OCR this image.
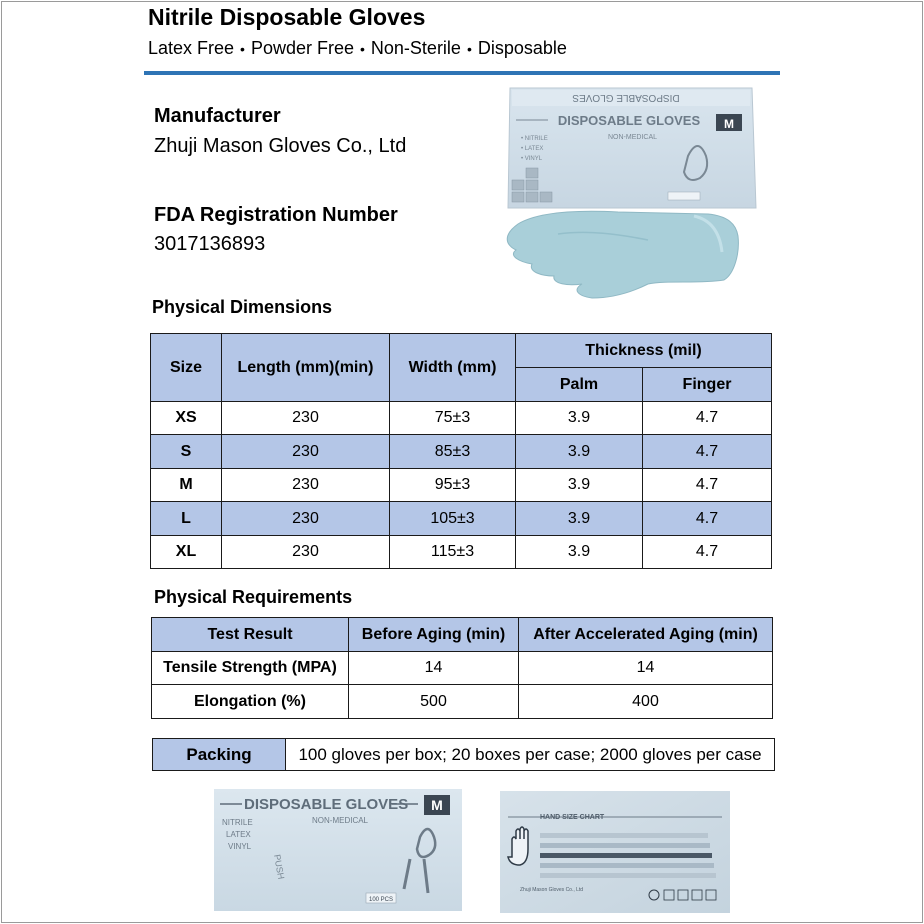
Nitrile Disposable Gloves
Latex Free • Powder Free • Non-Sterile • Disposable
Manufacturer
Zhuji Mason Gloves Co., Ltd
FDA Registration Number
3017136893
DISPOSABLE GLOVES
DISPOSABLE GLOVES M
• NITRILE
• LATEX
• VINYL
NON-MEDICAL
Physical Dimensions
Size	Length (mm)(min)	Width (mm)	Thickness (mil)	
			Palm	Finger
XS	230	75±3	3.9	4.7
S	230	85±3	3.9	4.7
M	230	95±3	3.9	4.7
L	230	105±3	3.9	4.7
XL	230	115±3	3.9	4.7
Physical Requirements
Test Result	Before Aging (min)	After Accelerated Aging (min)
Tensile Strength (MPA)	14	14
Elongation (%)	500	400
Packing	100 gloves per box; 20 boxes per case; 2000 gloves per case
DISPOSABLE GLOVES M
NITRILE
LATEX
VINYL
NON-MEDICAL
PUSH
100 PCS
HAND SIZE CHART
Zhuji Mason Gloves Co., Ltd
